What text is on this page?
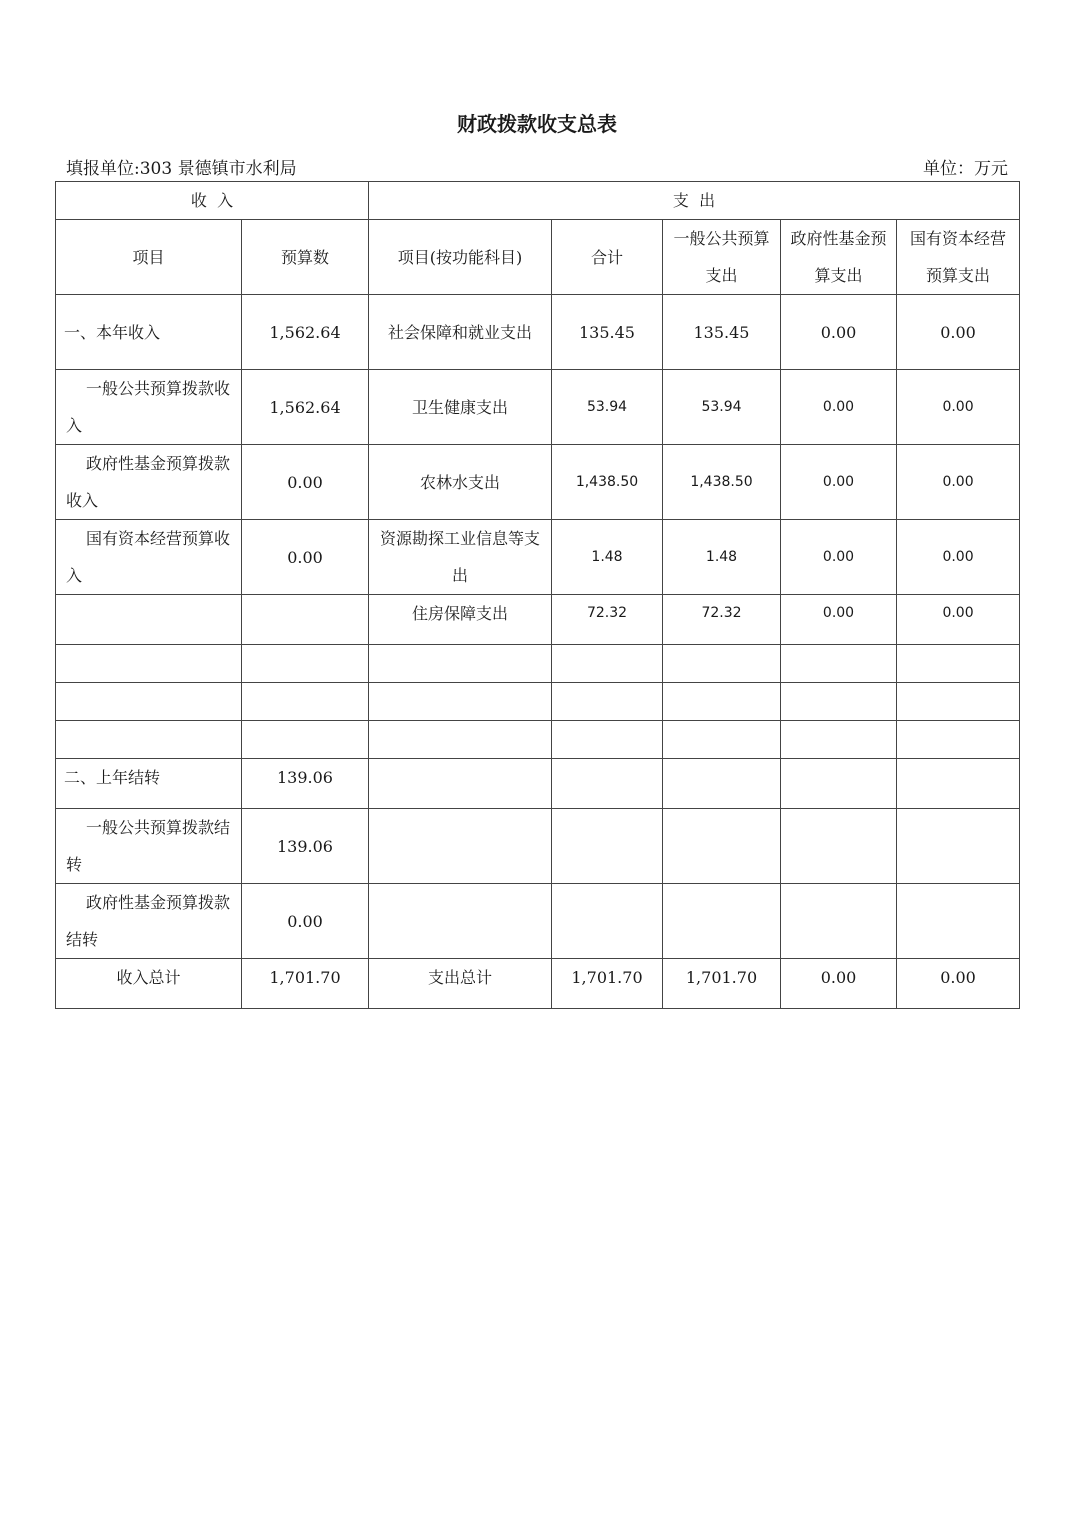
财政拨款收支总表
填报单位:303 景德镇市水利局	单位：万元
收  入		支  出				
项目	预算数	项目(按功能科目)	合计	一般公共预算支出	政府性基金预算支出	国有资本经营预算支出
一、本年收入	1,562.64	社会保障和就业支出	135.45	135.45	0.00	0.00
一般公共预算拨款收入	1,562.64	卫生健康支出	53.94	53.94	0.00	0.00
政府性基金预算拨款收入	0.00	农林水支出	1,438.50	1,438.50	0.00	0.00
国有资本经营预算收入	0.00	资源勘探工业信息等支出	1.48	1.48	0.00	0.00
		住房保障支出	72.32	72.32	0.00	0.00

二、上年结转	139.06					
一般公共预算拨款结转	139.06					
政府性基金预算拨款结转	0.00					
收入总计	1,701.70	支出总计	1,701.70	1,701.70	0.00	0.00
